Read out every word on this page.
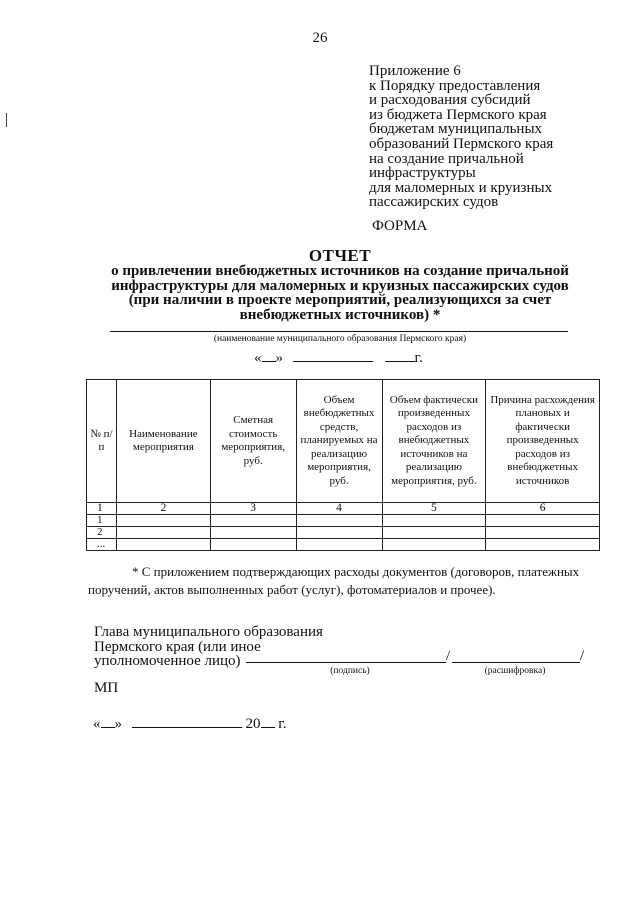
26
Приложение 6
к Порядку предоставления
и расходования субсидий
из бюджета Пермского края
бюджетам муниципальных
образований Пермского края
на создание причальной
инфраструктуры
для маломерных и круизных
пассажирских судов
ФОРМА
ОТЧЕТ
о привлечении внебюджетных источников на создание причальной
инфраструктуры для маломерных и круизных пассажирских судов
(при наличии в проекте мероприятий, реализующихся за счет
внебюджетных источников) *
(наименование муниципального образования Пермского края)
« »	г.
№ п/п	Наименование мероприятия	Сметная стоимость мероприятия, руб.	Объем внебюджетных средств, планируемых на реализацию мероприятия, руб.	Объем фактически произведенных расходов из внебюджетных источников на реализацию мероприятия, руб.	Причина расхождения плановых и фактически произведенных расходов из внебюджетных источников
1	2	3	4	5	6
1					
2					
...					
* С приложением подтверждающих расходы документов (договоров, платежных поручений, актов выполненных работ (услуг), фотоматериалов и прочее).
Глава муниципального образования
Пермского края (или иное
уполномоченное лицо)	/	/
(подпись)	(расшифровка)
МП
« »	20 г.
